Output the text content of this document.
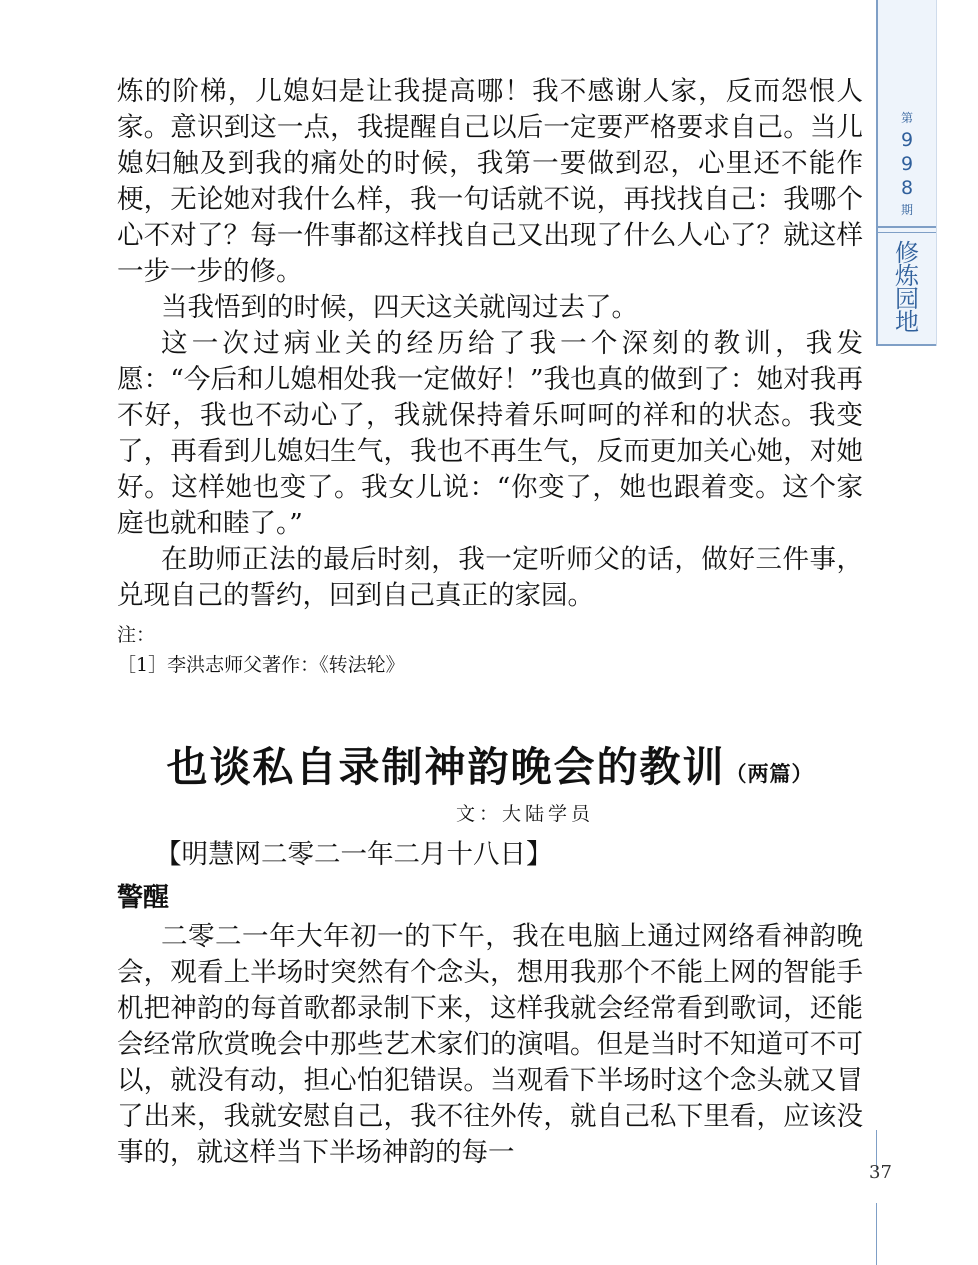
第
9
9
8
期
修
炼
园
地

炼的阶梯，儿媳妇是让我提高哪！我不感谢人家，反而怨恨人家。意识到这一点，我提醒自己以后一定要严格要求自己。当儿媳妇触及到我的痛处的时候，我第一要做到忍，心里还不能作梗，无论她对我什么样，我一句话就不说，再找找自己：我哪个心不对了？每一件事都这样找自己又出现了什么人心了？就这样一步一步的修。

当我悟到的时候，四天这关就闯过去了。

这一次过病业关的经历给了我一个深刻的教训，我发愿：“今后和儿媳相处我一定做好！”我也真的做到了：她对我再不好，我也不动心了，我就保持着乐呵呵的祥和的状态。我变了，再看到儿媳妇生气，我也不再生气，反而更加关心她，对她好。这样她也变了。我女儿说：“你变了，她也跟着变。这个家庭也就和睦了。”

在助师正法的最后时刻，我一定听师父的话，做好三件事，兑现自己的誓约，回到自己真正的家园。

注：

［1］李洪志师父著作：《转法轮》

也谈私自录制神韵晚会的教训（两篇）
文：大陆学员
【明慧网二零二一年二月十八日】
警醒

二零二一年大年初一的下午，我在电脑上通过网络看神韵晚会，观看上半场时突然有个念头，想用我那个不能上网的智能手机把神韵的每首歌都录制下来，这样我就会经常看到歌词，还能会经常欣赏晚会中那些艺术家们的演唱。但是当时不知道可不可以，就没有动，担心怕犯错误。当观看下半场时这个念头就又冒了出来，我就安慰自己，我不往外传，就自己私下里看，应该没事的，就这样当下半场神韵的每一

37
